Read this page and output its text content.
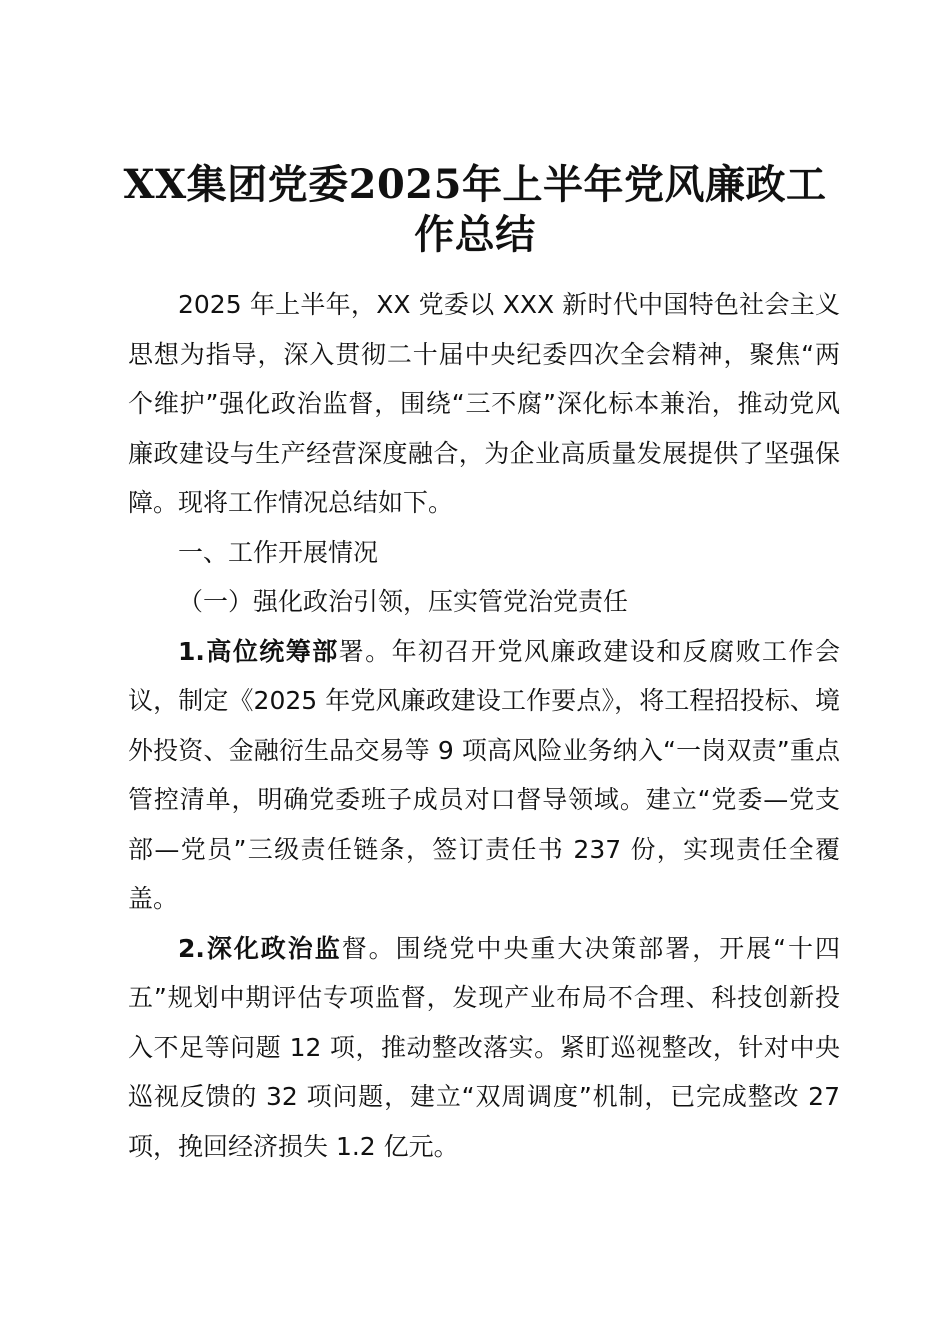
XX集团党委2025年上半年党风廉政工作总结

2025 年上半年，XX 党委以 XXX 新时代中国特色社会主义思想为指导，深入贯彻二十届中央纪委四次全会精神，聚焦“两个维护”强化政治监督，围绕“三不腐”深化标本兼治，推动党风廉政建设与生产经营深度融合，为企业高质量发展提供了坚强保障。现将工作情况总结如下。

一、工作开展情况

（一）强化政治引领，压实管党治党责任

1.高位统筹部署。年初召开党风廉政建设和反腐败工作会议，制定《2025 年党风廉政建设工作要点》，将工程招投标、境外投资、金融衍生品交易等 9 项高风险业务纳入“一岗双责”重点管控清单，明确党委班子成员对口督导领域。建立“党委—党支部—党员”三级责任链条，签订责任书 237 份，实现责任全覆盖。

2.深化政治监督。围绕党中央重大决策部署，开展“十四五”规划中期评估专项监督，发现产业布局不合理、科技创新投入不足等问题 12 项，推动整改落实。紧盯巡视整改，针对中央巡视反馈的 32 项问题，建立“双周调度”机制，已完成整改 27 项，挽回经济损失 1.2 亿元。
